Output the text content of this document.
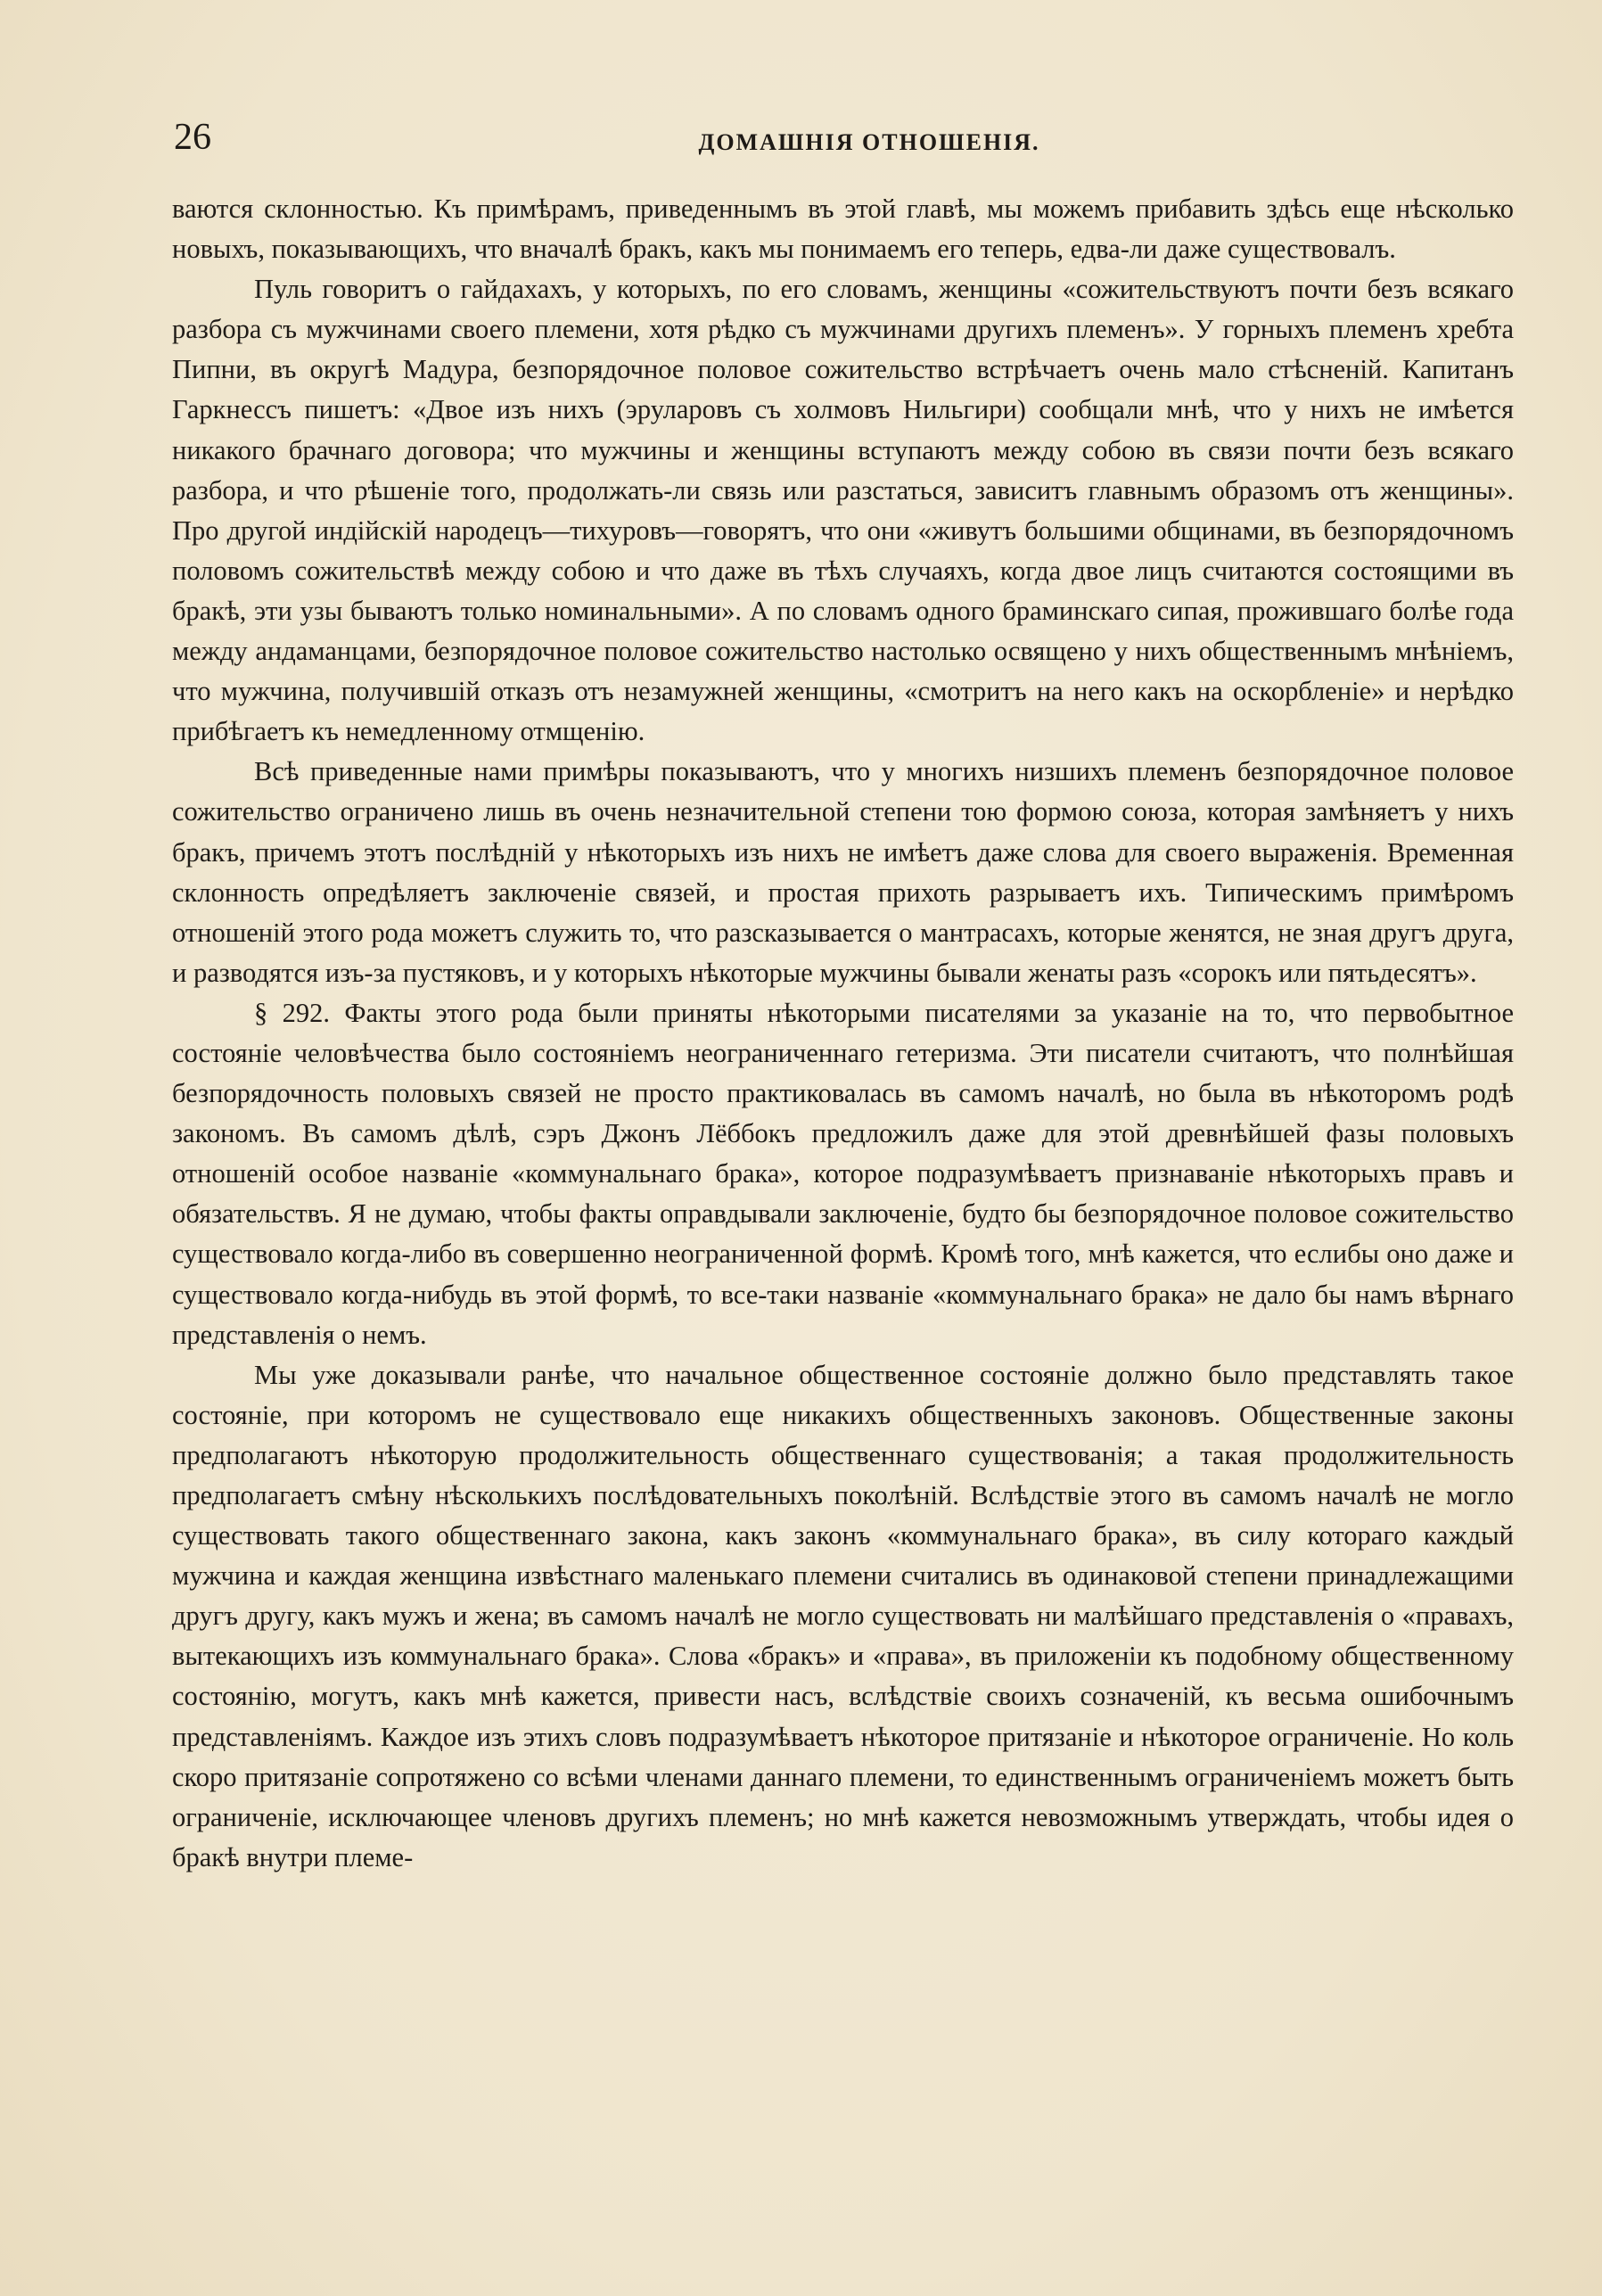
26	ДОМАШНІЯ ОТНОШЕНІЯ.

ваются склонностью. Къ примѣрамъ, приведеннымъ въ этой главѣ, мы можемъ прибавить здѣсь еще нѣсколько новыхъ, показывающихъ, что вначалѣ бракъ, какъ мы понимаемъ его теперь, едва-ли даже существовалъ.

Пуль говоритъ о гайдахахъ, у которыхъ, по его словамъ, женщины «сожительствуютъ почти безъ всякаго разбора съ мужчинами своего племени, хотя рѣдко съ мужчинами другихъ племенъ». У горныхъ племенъ хребта Пипни, въ округѣ Мадура, безпорядочное половое сожительство встрѣчаетъ очень мало стѣсненій. Капитанъ Гаркнессъ пишетъ: «Двое изъ нихъ (эруларовъ съ холмовъ Нильгири) сообщали мнѣ, что у нихъ не имѣется никакого брачнаго договора; что мужчины и женщины вступаютъ между собою въ связи почти безъ всякаго разбора, и что рѣшеніе того, продолжать-ли связь или разстаться, зависитъ главнымъ образомъ отъ женщины». Про другой индійскій народецъ—тихуровъ—говорятъ, что они «живутъ большими общинами, въ безпорядочномъ половомъ сожительствѣ между собою и что даже въ тѣхъ случаяхъ, когда двое лицъ считаются состоящими въ бракѣ, эти узы бываютъ только номинальными». А по словамъ одного браминскаго сипая, прожившаго болѣе года между андаманцами, безпорядочное половое сожительство настолько освящено у нихъ общественнымъ мнѣніемъ, что мужчина, получившій отказъ отъ незамужней женщины, «смотритъ на него какъ на оскорбленіе» и нерѣдко прибѣгаетъ къ немедленному отмщенію.

Всѣ приведенные нами примѣры показываютъ, что у многихъ низшихъ племенъ безпорядочное половое сожительство ограничено лишь въ очень незначительной степени тою формою союза, которая замѣняетъ у нихъ бракъ, причемъ этотъ послѣдній у нѣкоторыхъ изъ нихъ не имѣетъ даже слова для своего выраженія. Временная склонность опредѣляетъ заключеніе связей, и простая прихоть разрываетъ ихъ. Типическимъ примѣромъ отношеній этого рода можетъ служить то, что разсказывается о мантрасахъ, которые женятся, не зная другъ друга, и разводятся изъ-за пустяковъ, и у которыхъ нѣкоторые мужчины бывали женаты разъ «сорокъ или пятьдесятъ».

§ 292. Факты этого рода были приняты нѣкоторыми писателями за указаніе на то, что первобытное состояніе человѣчества было состояніемъ неограниченнаго гетеризма. Эти писатели считаютъ, что полнѣйшая безпорядочность половыхъ связей не просто практиковалась въ самомъ началѣ, но была въ нѣкоторомъ родѣ закономъ. Въ самомъ дѣлѣ, сэръ Джонъ Лёббокъ предложилъ даже для этой древнѣйшей фазы половыхъ отношеній особое названіе «коммунальнаго брака», которое подразумѣваетъ признаваніе нѣкоторыхъ правъ и обязательствъ. Я не думаю, чтобы факты оправдывали заключеніе, будто бы безпорядочное половое сожительство существовало когда-либо въ совершенно неограниченной формѣ. Кромѣ того, мнѣ кажется, что еслибы оно даже и существовало когда-нибудь въ этой формѣ, то все-таки названіе «коммунальнаго брака» не дало бы намъ вѣрнаго представленія о немъ.

Мы уже доказывали ранѣе, что начальное общественное состояніе должно было представлять такое состояніе, при которомъ не существовало еще никакихъ общественныхъ законовъ. Общественные законы предполагаютъ нѣкоторую продолжительность общественнаго существованія; а такая продолжительность предполагаетъ смѣну нѣсколькихъ послѣдовательныхъ поколѣній. Вслѣдствіе этого въ самомъ началѣ не могло существовать такого общественнаго закона, какъ законъ «коммунальнаго брака», въ силу котораго каждый мужчина и каждая женщина извѣстнаго маленькаго племени считались въ одинаковой степени принадлежащими другъ другу, какъ мужъ и жена; въ самомъ началѣ не могло существовать ни малѣйшаго представленія о «правахъ, вытекающихъ изъ коммунальнаго брака». Слова «бракъ» и «права», въ приложеніи къ подобному общественному состоянію, могутъ, какъ мнѣ кажется, привести насъ, вслѣдствіе своихъ созначеній, къ весьма ошибочнымъ представленіямъ. Каждое изъ этихъ словъ подразумѣваетъ нѣкоторое притязаніе и нѣкоторое ограниченіе. Но коль скоро притязаніе сопротяжено со всѣми членами даннаго племени, то единственнымъ ограниченіемъ можетъ быть ограниченіе, исключающее членовъ другихъ племенъ; но мнѣ кажется невозможнымъ утверждать, чтобы идея о бракѣ внутри племе-
